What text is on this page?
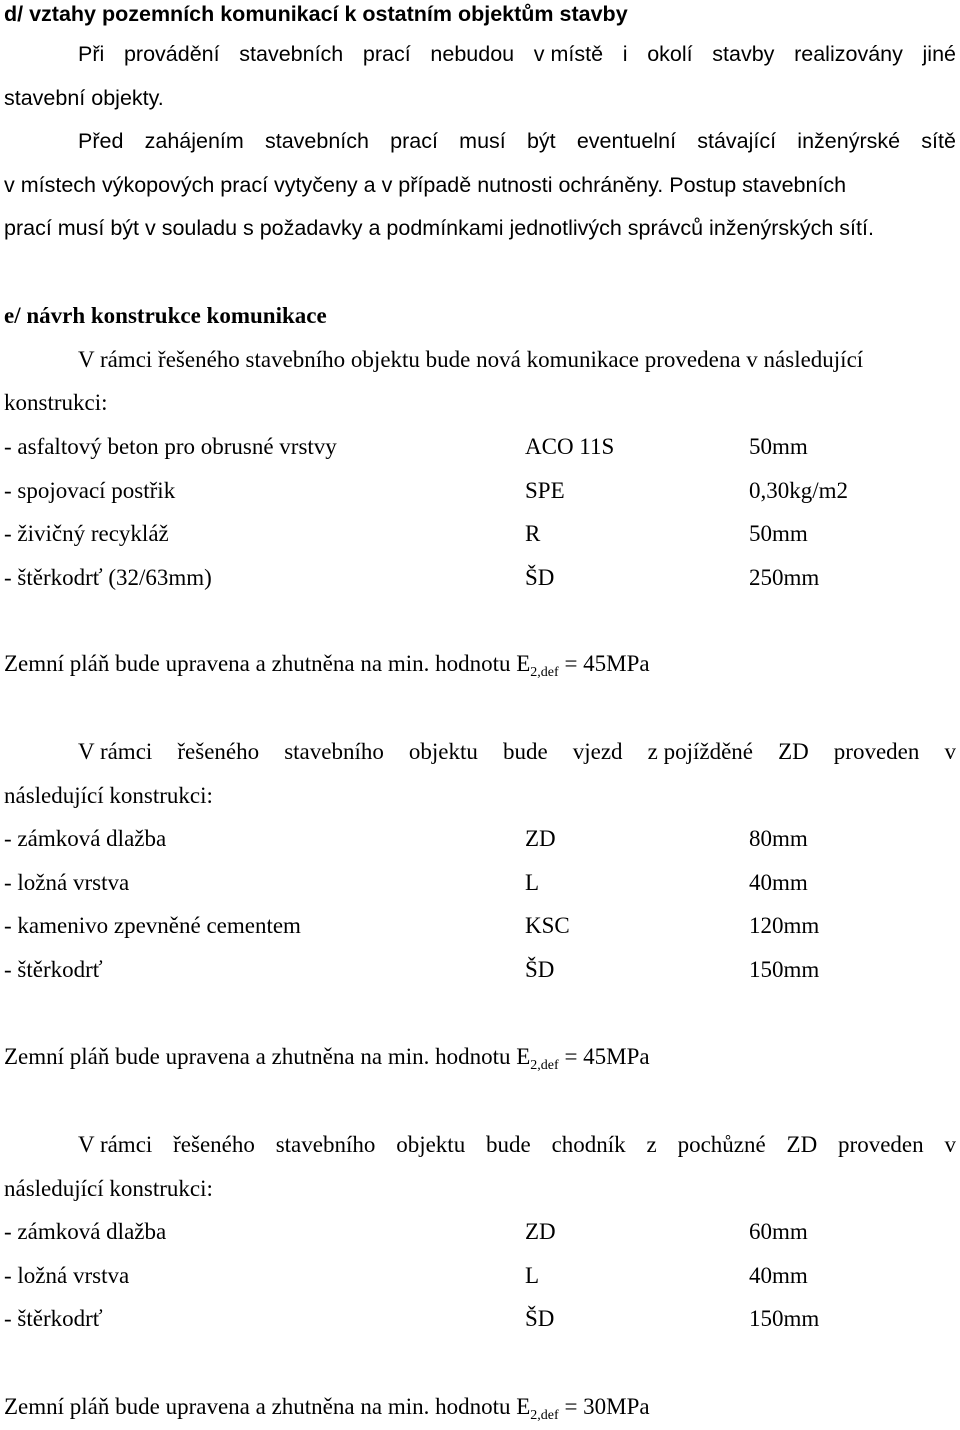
d/ vztahy pozemních komunikací k ostatním objektům stavby
Při provádění stavebních prací nebudou v místě i okolí stavby realizovány jiné
stavební objekty.
Před zahájením stavebních prací musí být eventuelní stávající inženýrské sítě
v místech výkopových prací vytyčeny a v případě nutnosti ochráněny. Postup stavebních
prací musí být v souladu s požadavky a podmínkami jednotlivých správců inženýrských sítí.
e/ návrh konstrukce komunikace
V rámci řešeného stavebního objektu bude nová komunikace provedena v následující
konstrukci:
- asfaltový beton pro obrusné vrstvy	ACO 11S	50mm
- spojovací postřik	SPE	0,30kg/m2
- živičný recykláž	R	50mm
- štěrkodrť (32/63mm)	ŠD	250mm
Zemní pláň bude upravena a zhutněna na min. hodnotu $E_{2,def} = 45MPa$
V rámci řešeného stavebního objektu bude vjezd z pojížděné ZD proveden v
následující konstrukci:
- zámková dlažba	ZD	80mm
- ložná vrstva	L	40mm
- kamenivo zpevněné cementem	KSC	120mm
- štěrkodrť	ŠD	150mm
Zemní pláň bude upravena a zhutněna na min. hodnotu $E_{2,def} = 45MPa$
V rámci řešeného stavebního objektu bude chodník z pochůzné ZD proveden v
následující konstrukci:
- zámková dlažba	ZD	60mm
- ložná vrstva	L	40mm
- štěrkodrť	ŠD	150mm
Zemní pláň bude upravena a zhutněna na min. hodnotu $E_{2,def} = 30MPa$
